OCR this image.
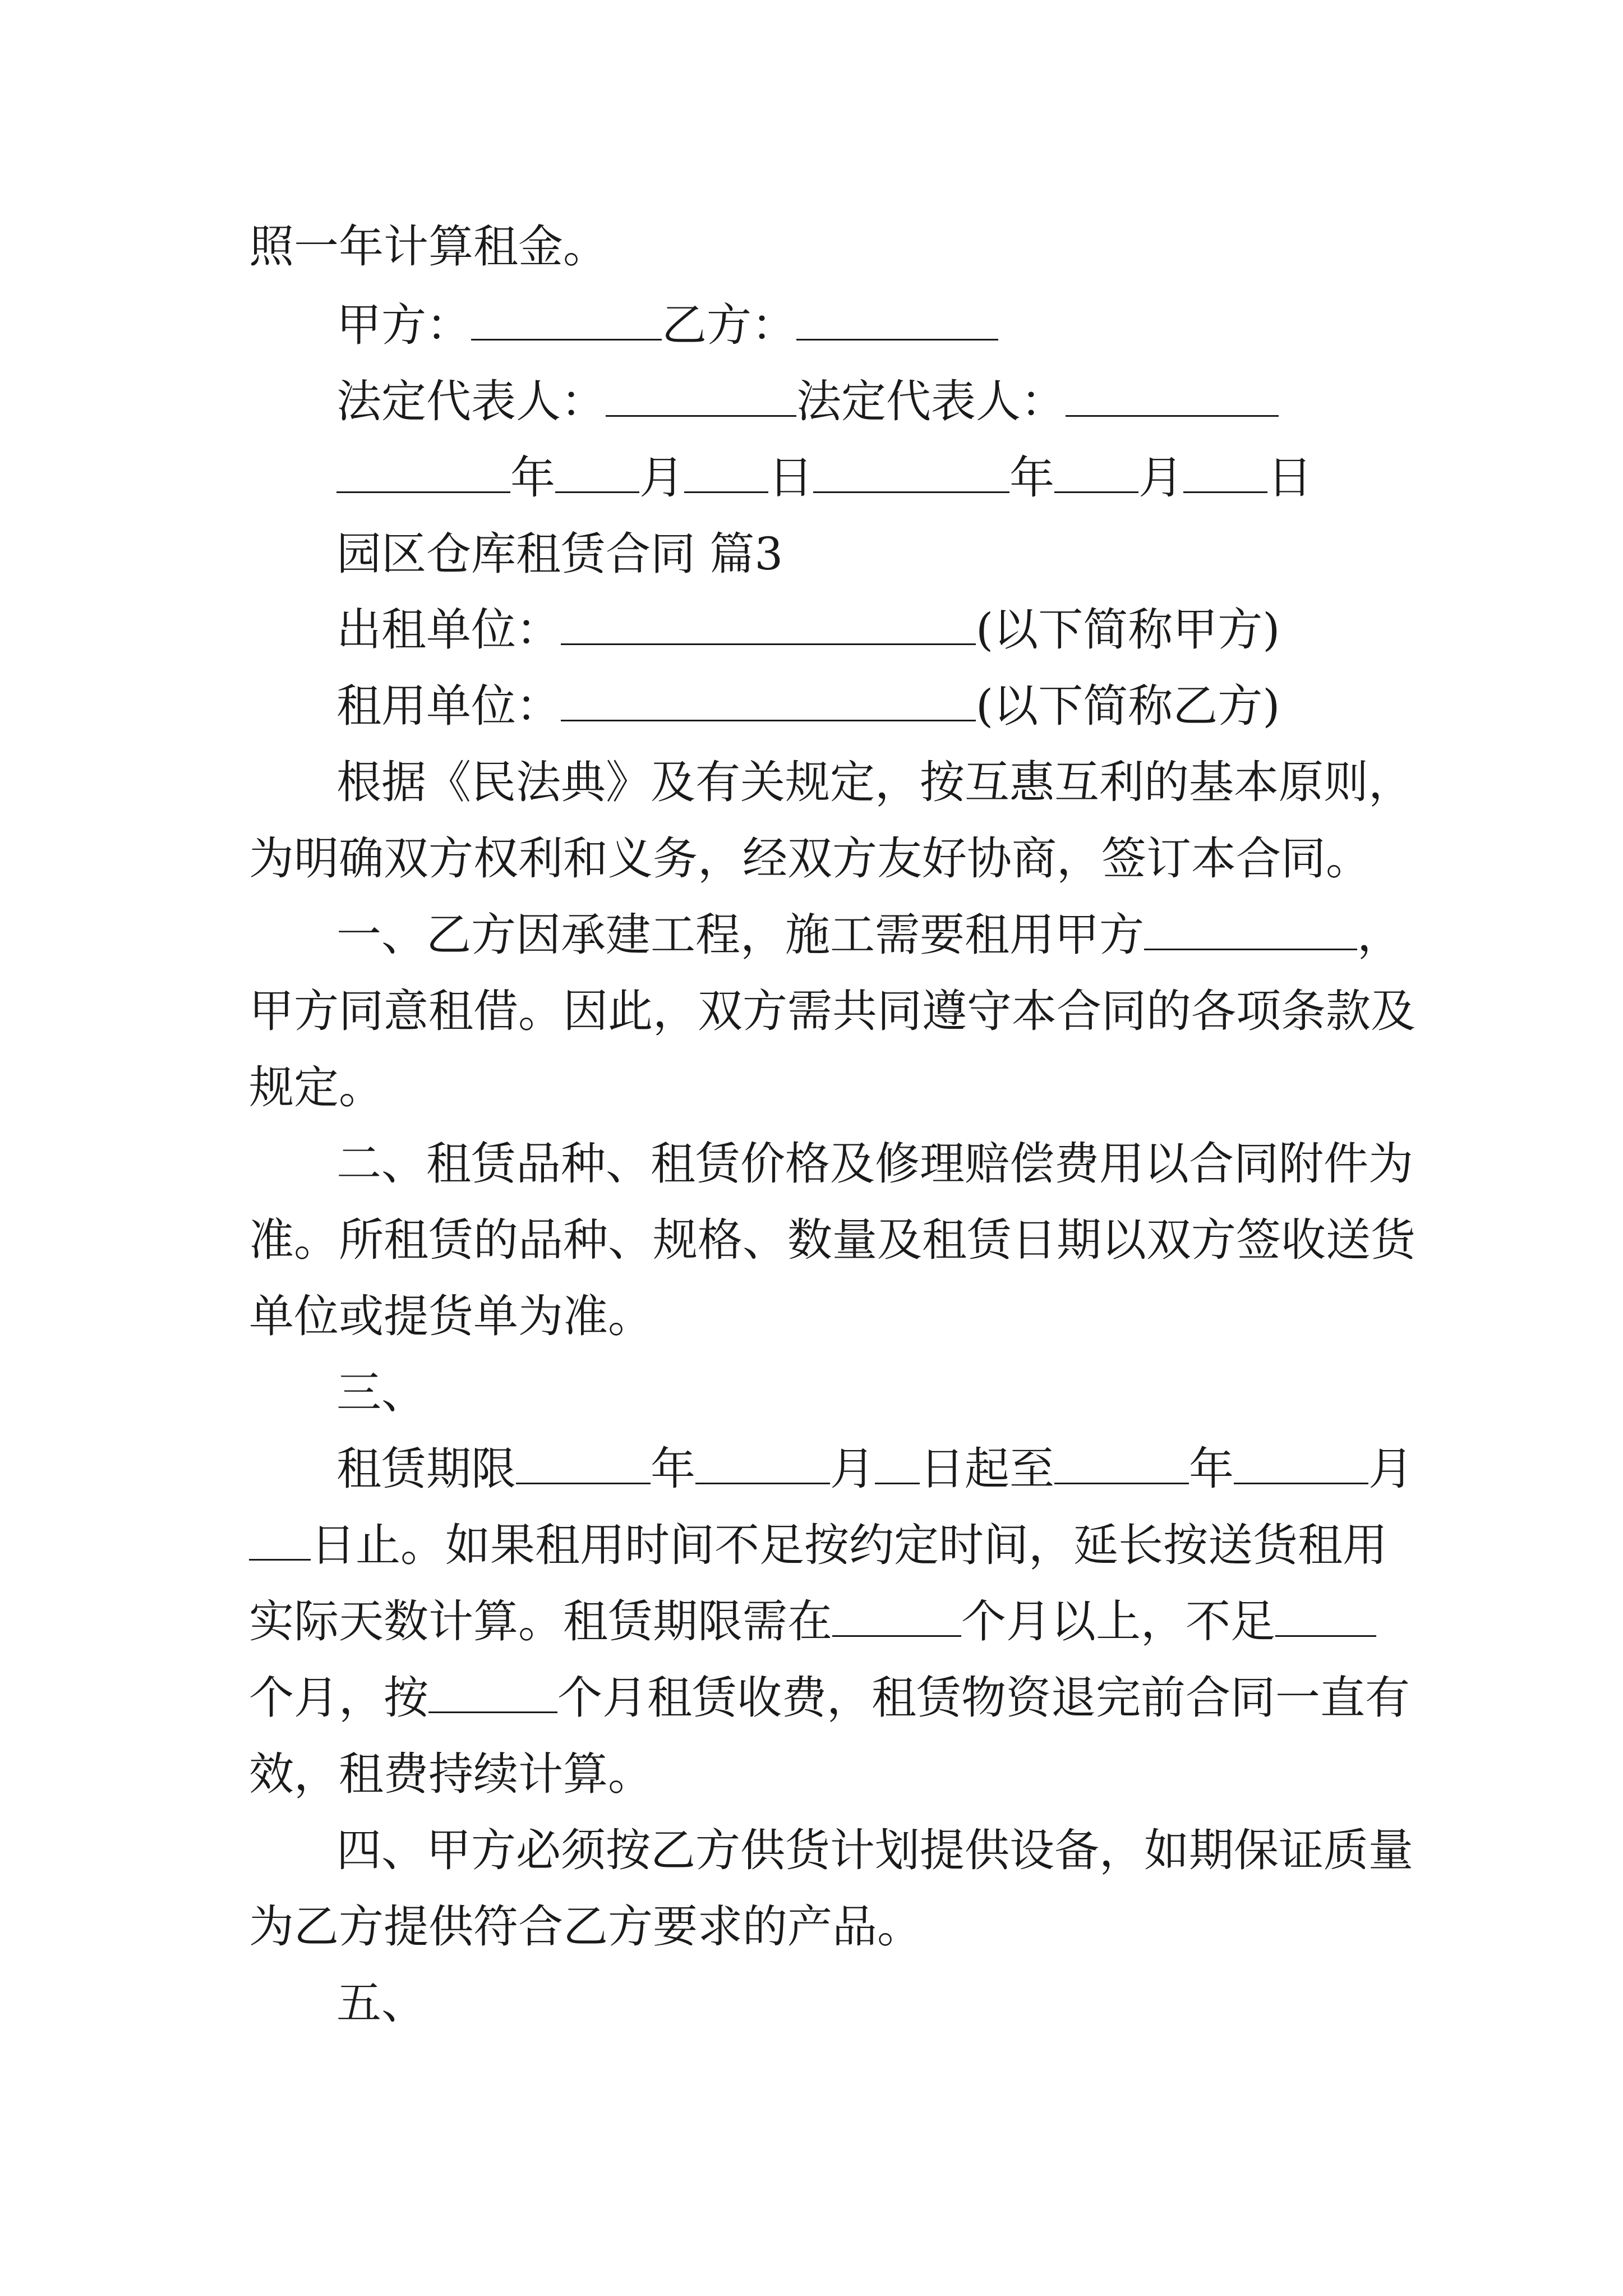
照一年计算租金。
甲方：	乙方：
法定代表人：	法定代表人：
年 月 日	年 月 日
园区仓库租赁合同 篇3
出租单位：	(以下简称甲方)
租用单位：	(以下简称乙方)
根据《民法典》及有关规定，按互惠互利的基本原则，
为明确双方权利和义务，经双方友好协商，签订本合同。
一、乙方因承建工程，施工需要租用甲方	，
甲方同意租借。因此，双方需共同遵守本合同的各项条款及
规定。
二、租赁品种、租赁价格及修理赔偿费用以合同附件为
准。所租赁的品种、规格、数量及租赁日期以双方签收送货
单位或提货单为准。
三、
租赁期限	年	月 日起至	年	月
日止。如果租用时间不足按约定时间，延长按送货租用
实际天数计算。租赁期限需在	个月以上，不足
个月，按	个月租赁收费，租赁物资退完前合同一直有
效，租费持续计算。
四、甲方必须按乙方供货计划提供设备，如期保证质量
为乙方提供符合乙方要求的产品。
五、
